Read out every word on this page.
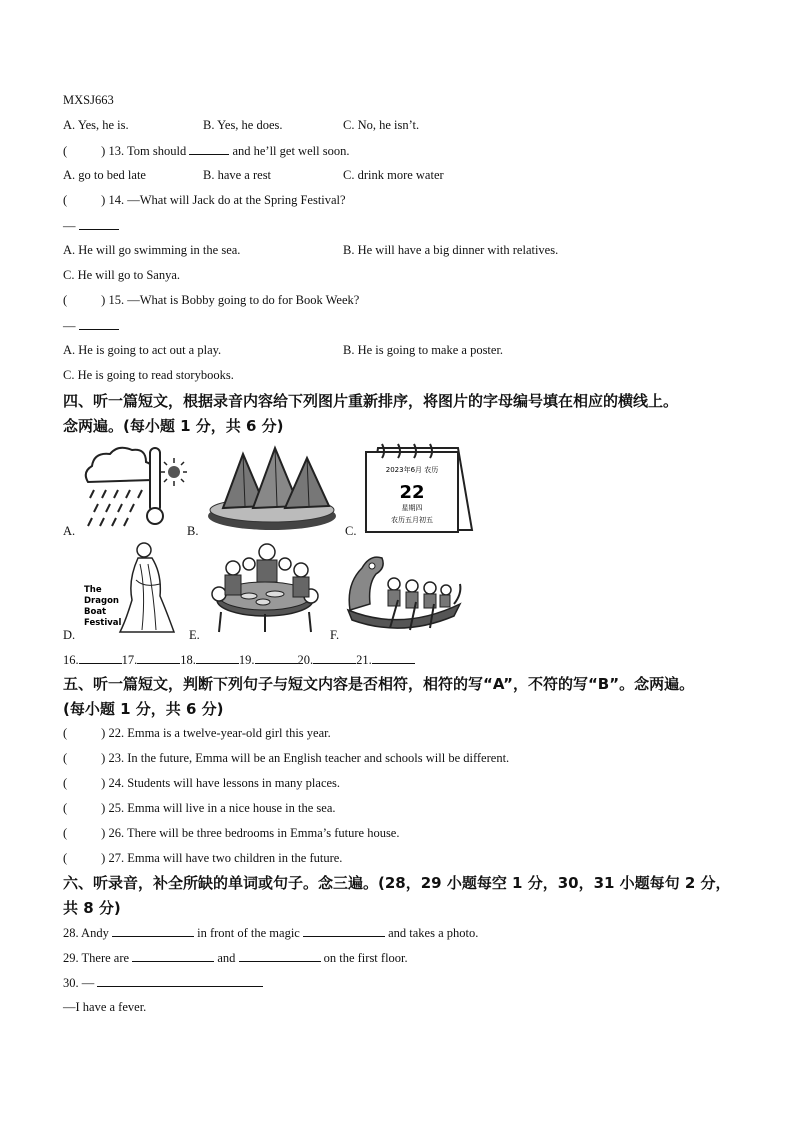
MXSJ663
A. Yes, he is.	B. Yes, he does.	C. No, he isn’t.
(	) 13. Tom should	and he’ll get well soon.
A. go to bed late	B. have a rest	C. drink more water
(	) 14. —What will Jack do at the Spring Festival?
—
A. He will go swimming in the sea.	B. He will have a big dinner with relatives.
C. He will go to Sanya.
(	) 15. —What is Bobby going to do for Book Week?
—
A. He is going to act out a play.	B. He is going to make a poster.
C. He is going to read storybooks.
四、听一篇短文，根据录音内容给下列图片重新排序，将图片的字母编号填在相应的横线上。
念两遍。(每小题 1 分，共 6 分)
A.	B.
2023年6月 农历
22
星期四
农历五月初五
C.
The
Dragon
Boat
Festival
D.	E.	F.
16.	17.	18.	19.	20.	21.
五、听一篇短文，判断下列句子与短文内容是否相符，相符的写“A”，不符的写“B”。念两遍。
(每小题 1 分，共 6 分)
(	) 22. Emma is a twelve-year-old girl this year.
(	) 23. In the future, Emma will be an English teacher and schools will be different.
(	) 24. Students will have lessons in many places.
(	) 25. Emma will live in a nice house in the sea.
(	) 26. There will be three bedrooms in Emma’s future house.
(	) 27. Emma will have two children in the future.
六、听录音，补全所缺的单词或句子。念三遍。(28，29 小题每空 1 分，30，31 小题每句 2 分，
共 8 分)
28. Andy	in front of the magic	and takes a photo.
29. There are	and	on the first floor.
30. —
—I have a fever.
